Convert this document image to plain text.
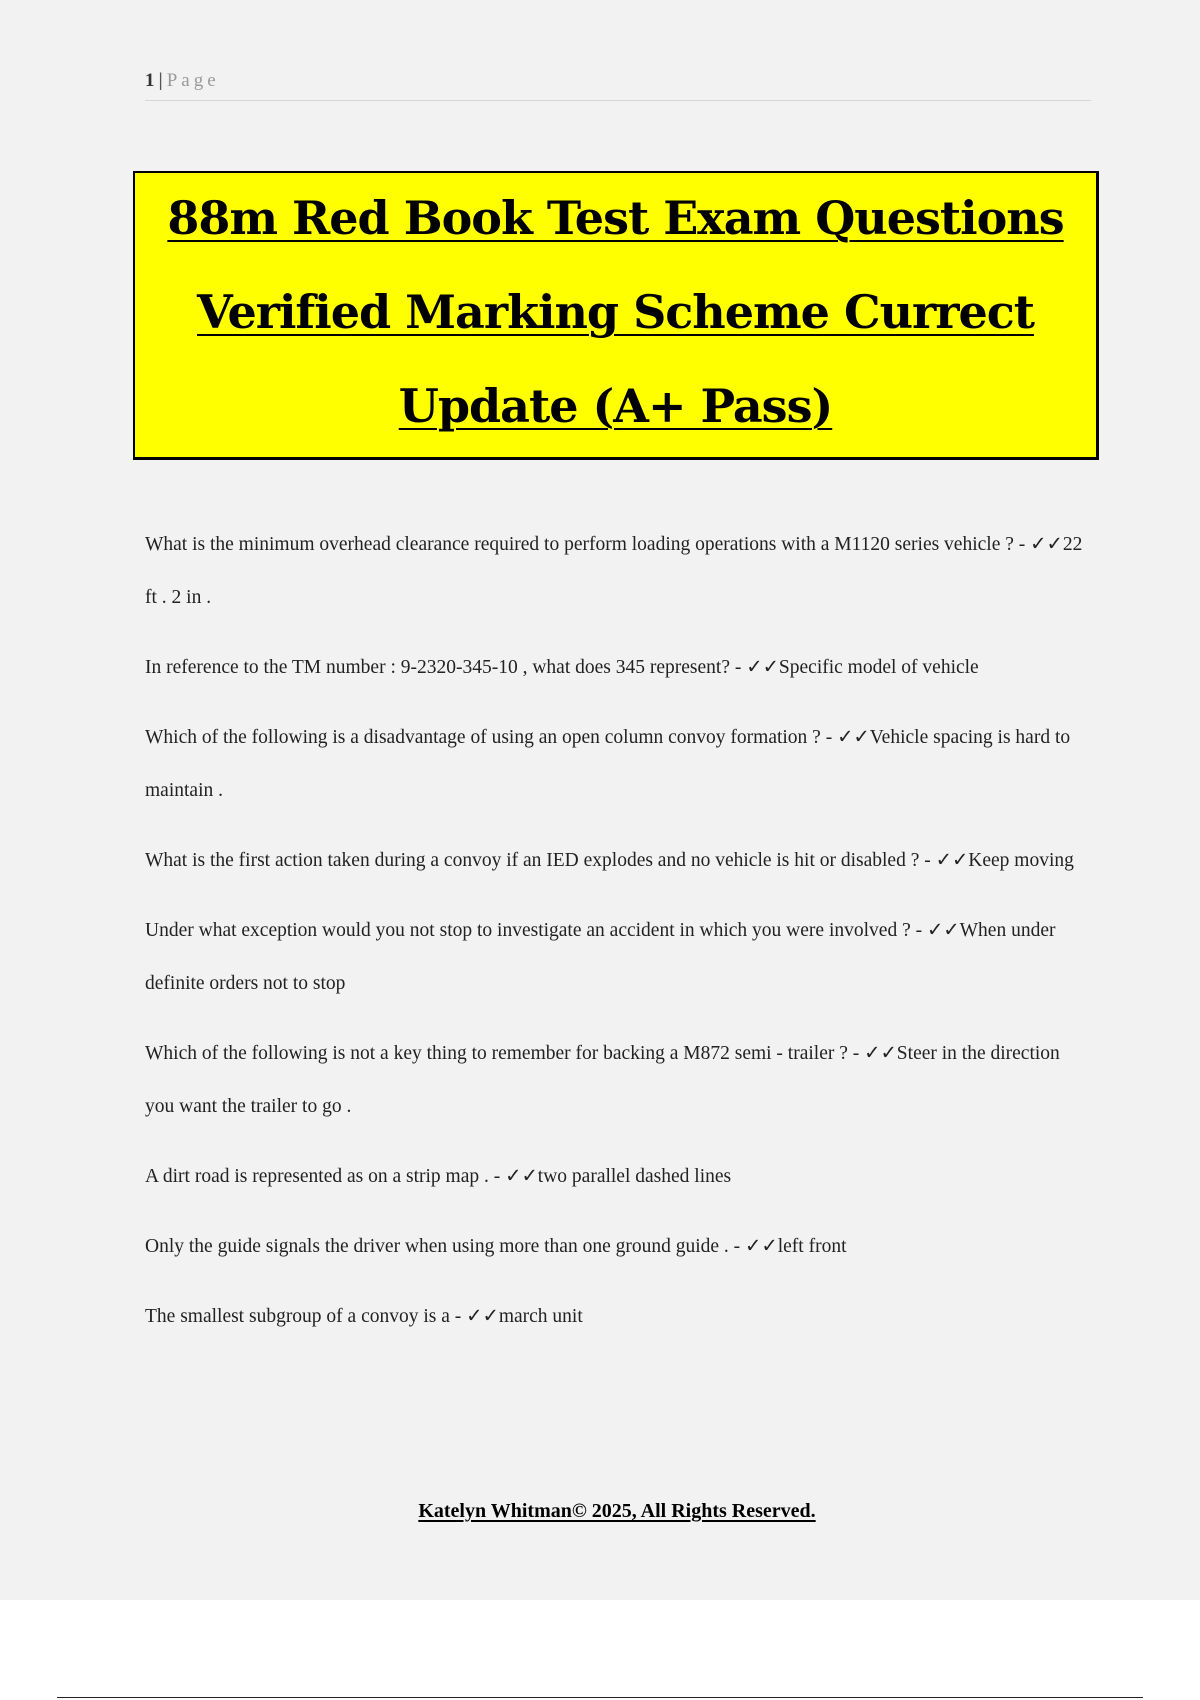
1 | Page
88m Red Book Test Exam Questions
Verified Marking Scheme Currect
Update (A+ Pass)
What is the minimum overhead clearance required to perform loading operations with a M1120 series vehicle ? - ✓✓22 ft . 2 in .
In reference to the TM number : 9-2320-345-10 , what does 345 represent? - ✓✓Specific model of vehicle
Which of the following is a disadvantage of using an open column convoy formation ? - ✓✓Vehicle spacing is hard to maintain .
What is the first action taken during a convoy if an IED explodes and no vehicle is hit or disabled ? - ✓✓Keep moving
Under what exception would you not stop to investigate an accident in which you were involved ? - ✓✓When under definite orders not to stop
Which of the following is not a key thing to remember for backing a M872 semi - trailer ? - ✓✓Steer in the direction you want the trailer to go .
A dirt road is represented as on a strip map . - ✓✓two parallel dashed lines
Only the guide signals the driver when using more than one ground guide . - ✓✓left front
The smallest subgroup of a convoy is a - ✓✓march unit
Katelyn Whitman© 2025, All Rights Reserved.
